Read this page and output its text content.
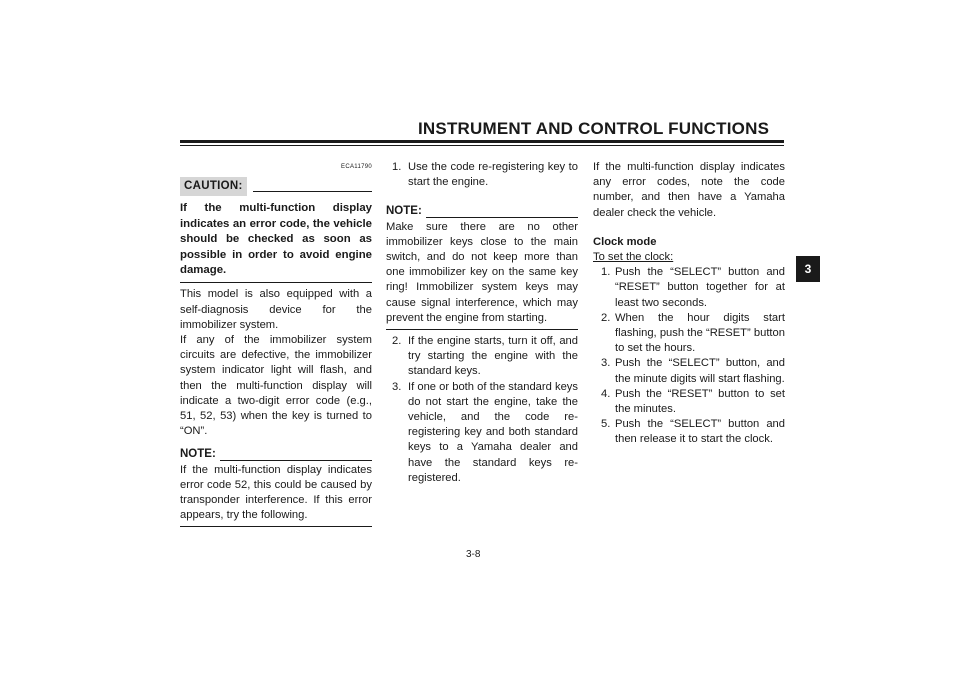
INSTRUMENT AND CONTROL FUNCTIONS
3
ECA11790
CAUTION:
If the multi-function display indicates an error code, the vehicle should be checked as soon as possible in order to avoid engine damage.

This model is also equipped with a self-diagnosis device for the immobilizer system.

If any of the immobilizer system circuits are defective, the immobilizer system indicator light will flash, and then the multi-function display will indicate a two-digit error code (e.g., 51, 52, 53) when the key is turned to “ON”.

NOTE:

If the multi-function display indicates error code 52, this could be caused by transponder interference. If this error appears, try the following.

1. Use the code re-registering key to start the engine.
NOTE:

Make sure there are no other immobilizer keys close to the main switch, and do not keep more than one immobilizer key on the same key ring! Immobilizer system keys may cause signal interference, which may prevent the engine from starting.

2. If the engine starts, turn it off, and try starting the engine with the standard keys.
3. If one or both of the standard keys do not start the engine, take the vehicle, and the code re-registering key and both standard keys to a Yamaha dealer and have the standard keys re-registered.

If the multi-function display indicates any error codes, note the code number, and then have a Yamaha dealer check the vehicle.

Clock mode
To set the clock:
1. Push the “SELECT” button and “RESET” button together for at least two seconds.
2. When the hour digits start flashing, push the “RESET” button to set the hours.
3. Push the “SELECT” button, and the minute digits will start flashing.
4. Push the “RESET” button to set the minutes.
5. Push the “SELECT” button and then release it to start the clock.
3-8
